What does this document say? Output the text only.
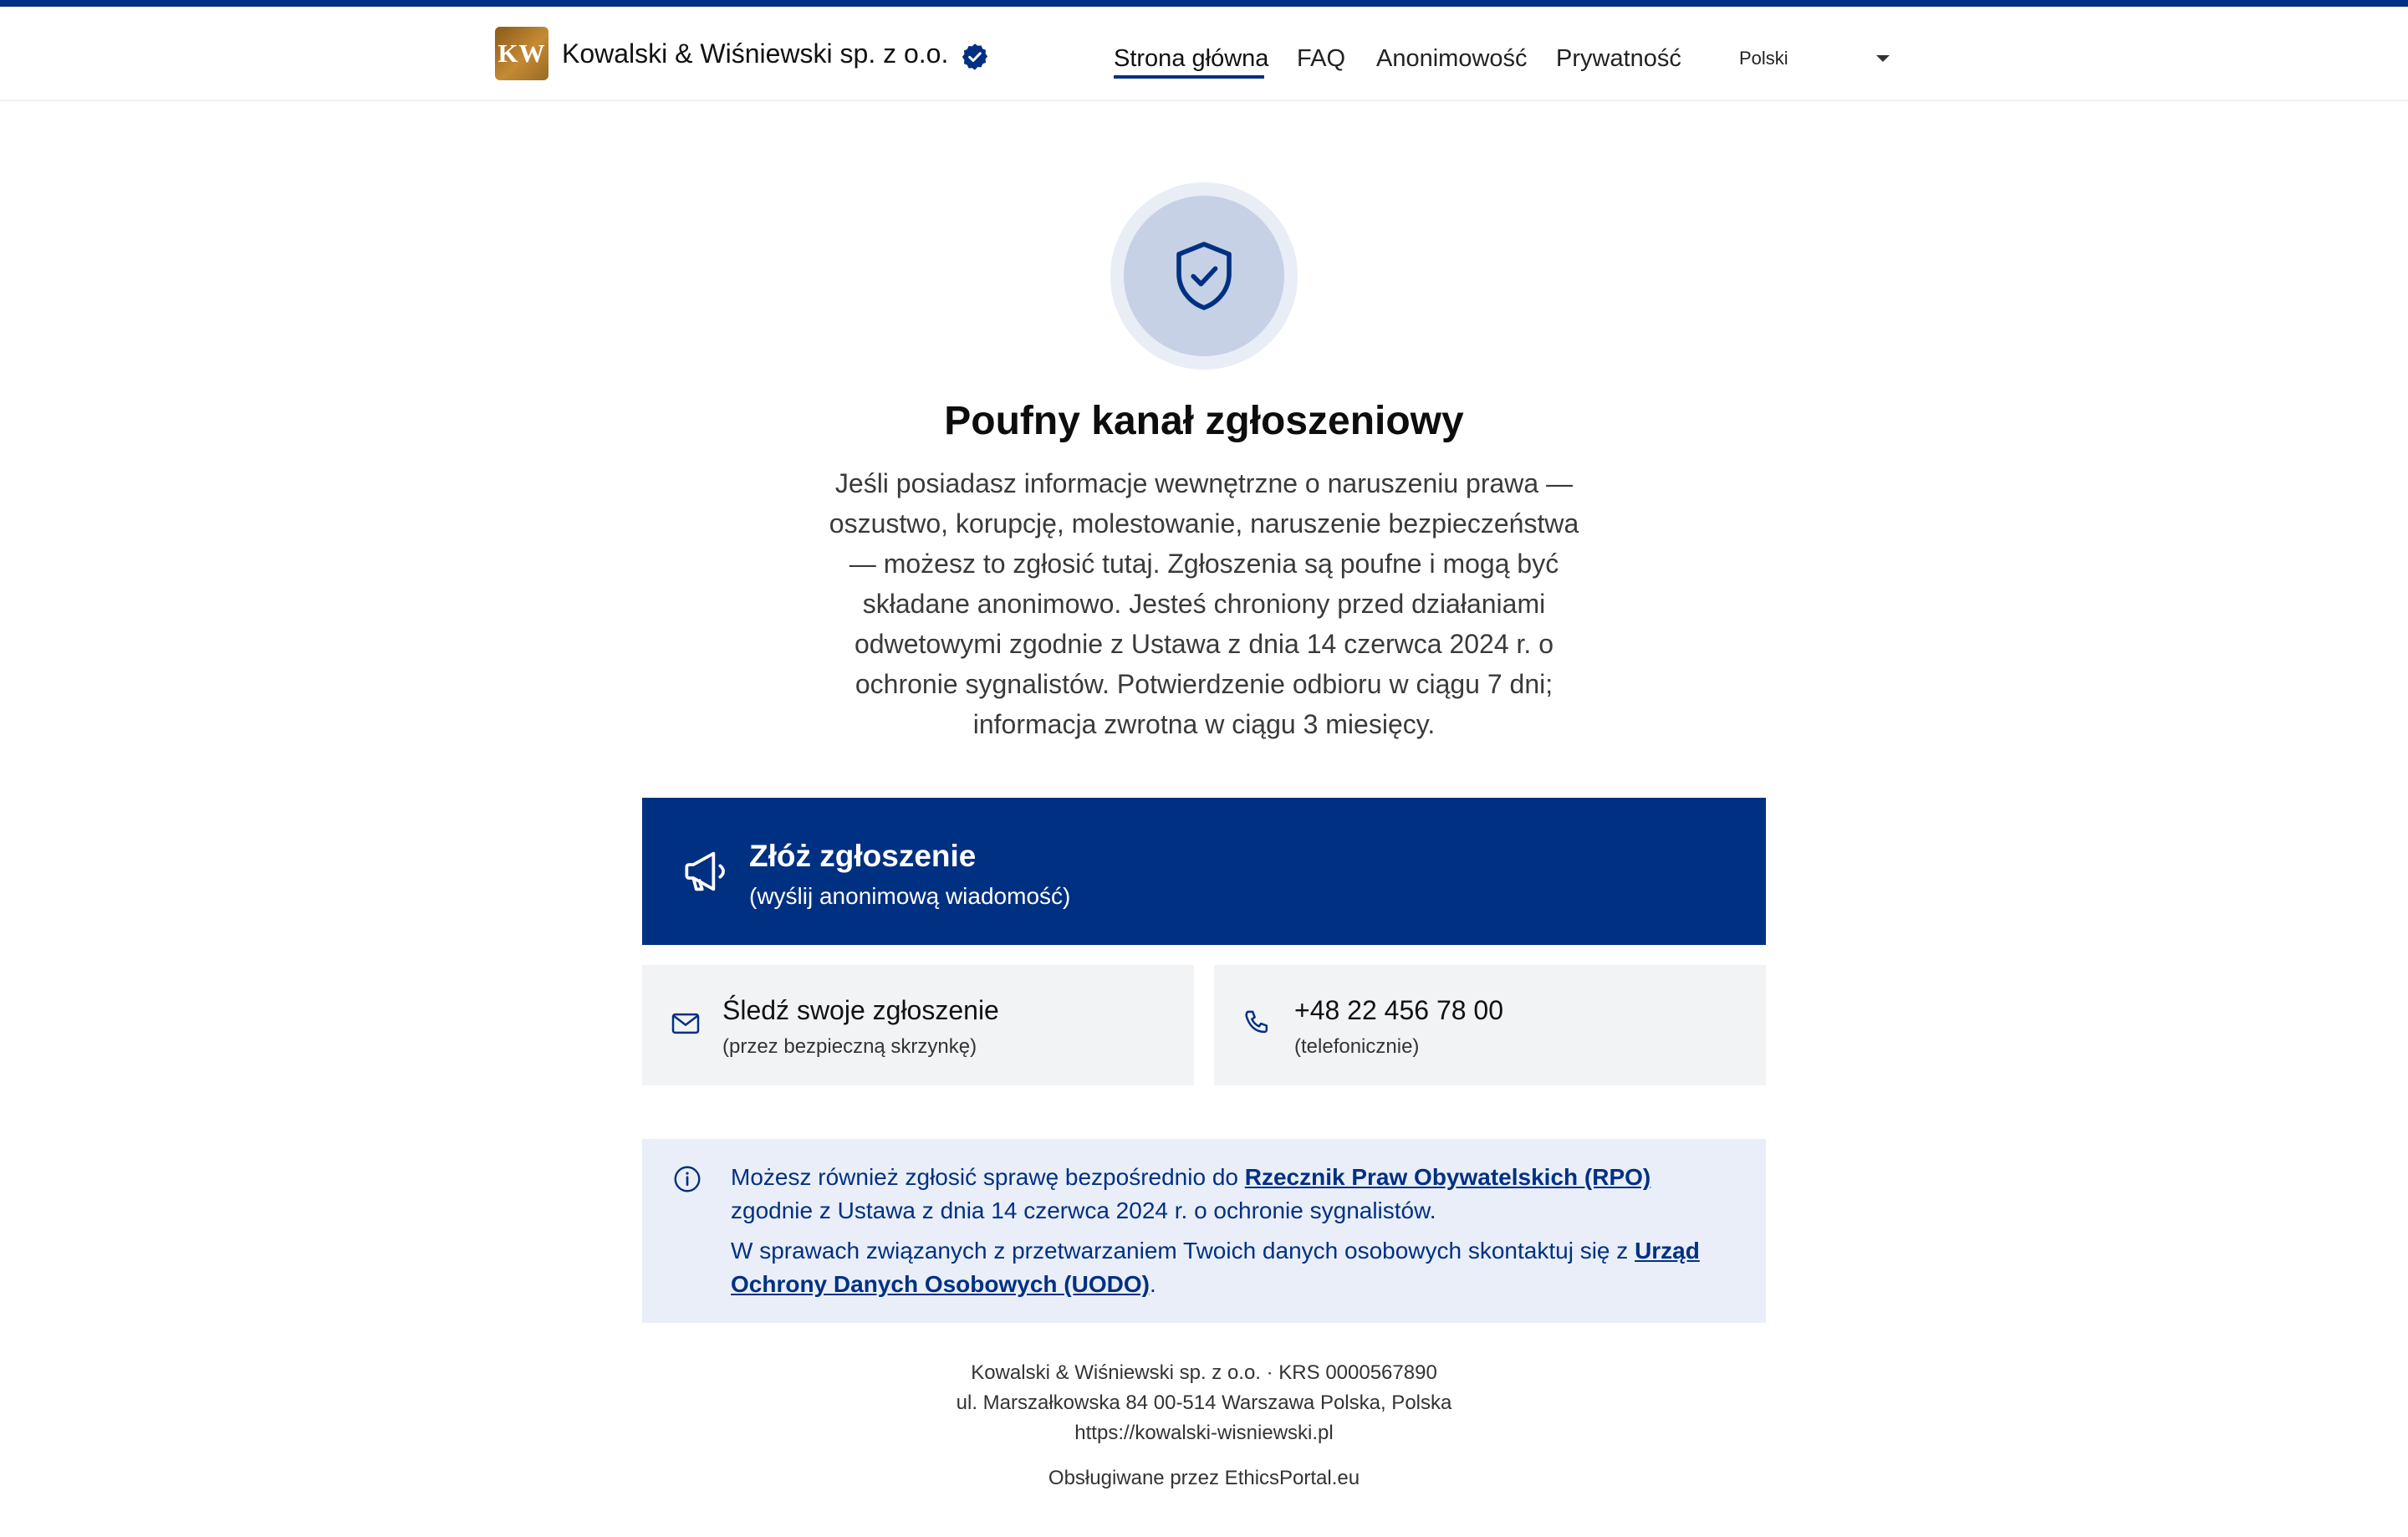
KW Kowalski & Wiśniewski sp. z o.o.	Strona główna FAQ Anonimowość Prywatność	Polski
Poufny kanał zgłoszeniowy

Jeśli posiadasz informacje wewnętrzne o naruszeniu prawa — oszustwo, korupcję, molestowanie, naruszenie bezpieczeństwa — możesz to zgłosić tutaj. Zgłoszenia są poufne i mogą być składane anonimowo. Jesteś chroniony przed działaniami odwetowymi zgodnie z Ustawa z dnia 14 czerwca 2024 r. o ochronie sygnalistów. Potwierdzenie odbioru w ciągu 7 dni; informacja zwrotna w ciągu 3 miesięcy.

Złóż zgłoszenie
(wyślij anonimową wiadomość)
Śledź swoje zgłoszenie
(przez bezpieczną skrzynkę)
+48 22 456 78 00
(telefonicznie)

Możesz również zgłosić sprawę bezpośrednio do Rzecznik Praw Obywatelskich (RPO) zgodnie z Ustawa z dnia 14 czerwca 2024 r. o ochronie sygnalistów.

W sprawach związanych z przetwarzaniem Twoich danych osobowych skontaktuj się z Urząd Ochrony Danych Osobowych (UODO).

Kowalski & Wiśniewski sp. z o.o. · KRS 0000567890
ul. Marszałkowska 84 00-514 Warszawa Polska, Polska
https://kowalski-wisniewski.pl
Obsługiwane przez EthicsPortal.eu
